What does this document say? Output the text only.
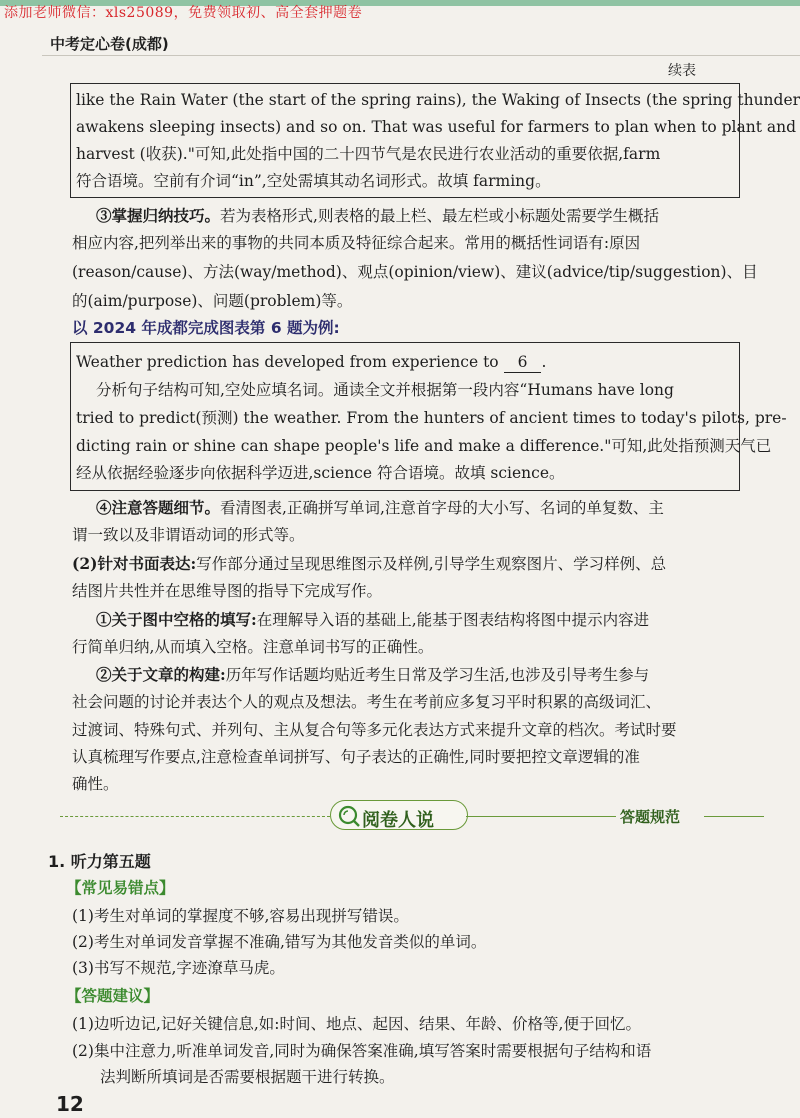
添加老师微信：xls25089，免费领取初、高全套押题卷
中考定心卷(成都)
续表
like the Rain Water (the start of the spring rains), the Waking of Insects (the spring thunder
awakens sleeping insects) and so on. That was useful for farmers to plan when to plant and
harvest (收获)."可知,此处指中国的二十四节气是农民进行农业活动的重要依据,farm
符合语境。空前有介词“in”,空处需填其动名词形式。故填 farming。
③掌握归纳技巧。若为表格形式,则表格的最上栏、最左栏或小标题处需要学生概括
相应内容,把列举出来的事物的共同本质及特征综合起来。常用的概括性词语有:原因
(reason/cause)、方法(way/method)、观点(opinion/view)、建议(advice/tip/suggestion)、目
的(aim/purpose)、问题(problem)等。
以 2024 年成都完成图表第 6 题为例:
Weather prediction has developed from experience to 6 .
分析句子结构可知,空处应填名词。通读全文并根据第一段内容“Humans have long
tried to predict(预测) the weather. From the hunters of ancient times to today's pilots, pre-
dicting rain or shine can shape people's life and make a difference."可知,此处指预测天气已
经从依据经验逐步向依据科学迈进,science 符合语境。故填 science。
④注意答题细节。看清图表,正确拼写单词,注意首字母的大小写、名词的单复数、主
谓一致以及非谓语动词的形式等。
(2)针对书面表达:写作部分通过呈现思维图示及样例,引导学生观察图片、学习样例、总
结图片共性并在思维导图的指导下完成写作。
①关于图中空格的填写:在理解导入语的基础上,能基于图表结构将图中提示内容进
行简单归纳,从而填入空格。注意单词书写的正确性。
②关于文章的构建:历年写作话题均贴近考生日常及学习生活,也涉及引导考生参与
社会问题的讨论并表达个人的观点及想法。考生在考前应多复习平时积累的高级词汇、
过渡词、特殊句式、并列句、主从复合句等多元化表达方式来提升文章的档次。考试时要
认真梳理写作要点,注意检查单词拼写、句子表达的正确性,同时要把控文章逻辑的准
确性。
阅卷人说	答题规范
1. 听力第五题
【常见易错点】
(1)考生对单词的掌握度不够,容易出现拼写错误。
(2)考生对单词发音掌握不准确,错写为其他发音类似的单词。
(3)书写不规范,字迹潦草马虎。
【答题建议】
(1)边听边记,记好关键信息,如:时间、地点、起因、结果、年龄、价格等,便于回忆。
(2)集中注意力,听准单词发音,同时为确保答案准确,填写答案时需要根据句子结构和语
法判断所填词是否需要根据题干进行转换。
12
